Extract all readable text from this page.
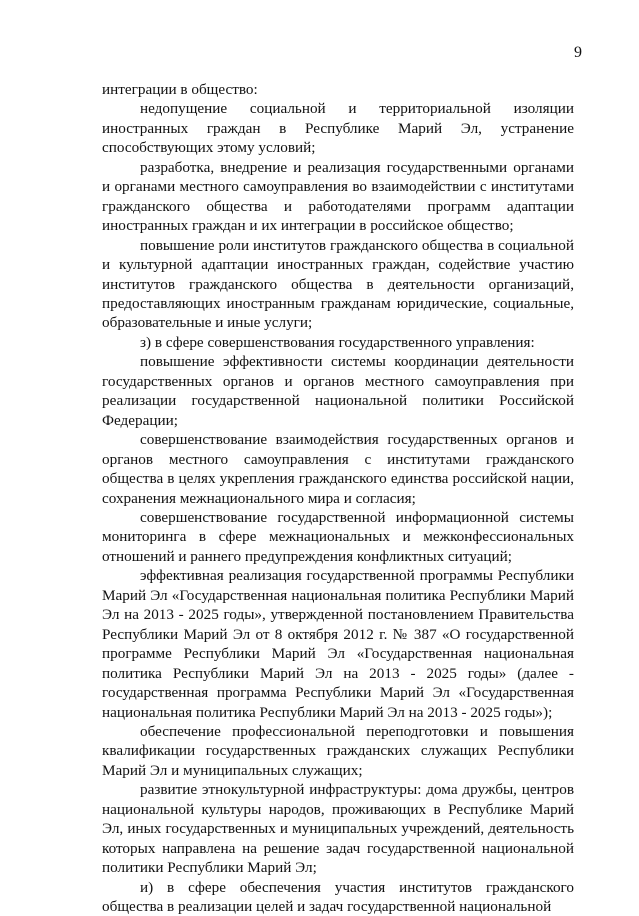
9

интеграции в общество:

недопущение социальной и территориальной изоляции иностранных граждан в Республике Марий Эл, устранение способствующих этому условий;

разработка, внедрение и реализация государственными органами и органами местного самоуправления во взаимодействии с институтами гражданского общества и работодателями программ адаптации иностранных граждан и их интеграции в российское общество;

повышение роли институтов гражданского общества в социальной и культурной адаптации иностранных граждан, содействие участию институтов гражданского общества в деятельности организаций, предоставляющих иностранным гражданам юридические, социальные, образовательные и иные услуги;

з) в сфере совершенствования государственного управления:

повышение эффективности системы координации деятельности государственных органов и органов местного самоуправления при реализации государственной национальной политики Российской Федерации;

совершенствование взаимодействия государственных органов и органов местного самоуправления с институтами гражданского общества в целях укрепления гражданского единства российской нации, сохранения межнационального мира и согласия;

совершенствование государственной информационной системы мониторинга в сфере межнациональных и межконфессиональных отношений и раннего предупреждения конфликтных ситуаций;

эффективная реализация государственной программы Республики Марий Эл «Государственная национальная политика Республики Марий Эл на 2013 - 2025 годы», утвержденной постановлением Правительства Республики Марий Эл от 8 октября 2012 г. № 387 «О государственной программе Республики Марий Эл «Государственная национальная политика Республики Марий Эл на 2013 - 2025 годы» (далее - государственная программа Республики Марий Эл «Государственная национальная политика Республики Марий Эл на 2013 - 2025 годы»);

обеспечение профессиональной переподготовки и повышения квалификации государственных гражданских служащих Республики Марий Эл и муниципальных служащих;

развитие этнокультурной инфраструктуры: дома дружбы, центров национальной культуры народов, проживающих в Республике Марий Эл, иных государственных и муниципальных учреждений, деятельность которых направлена на решение задач государственной национальной политики Республики Марий Эл;

и) в сфере обеспечения участия институтов гражданского общества в реализации целей и задач государственной национальной
